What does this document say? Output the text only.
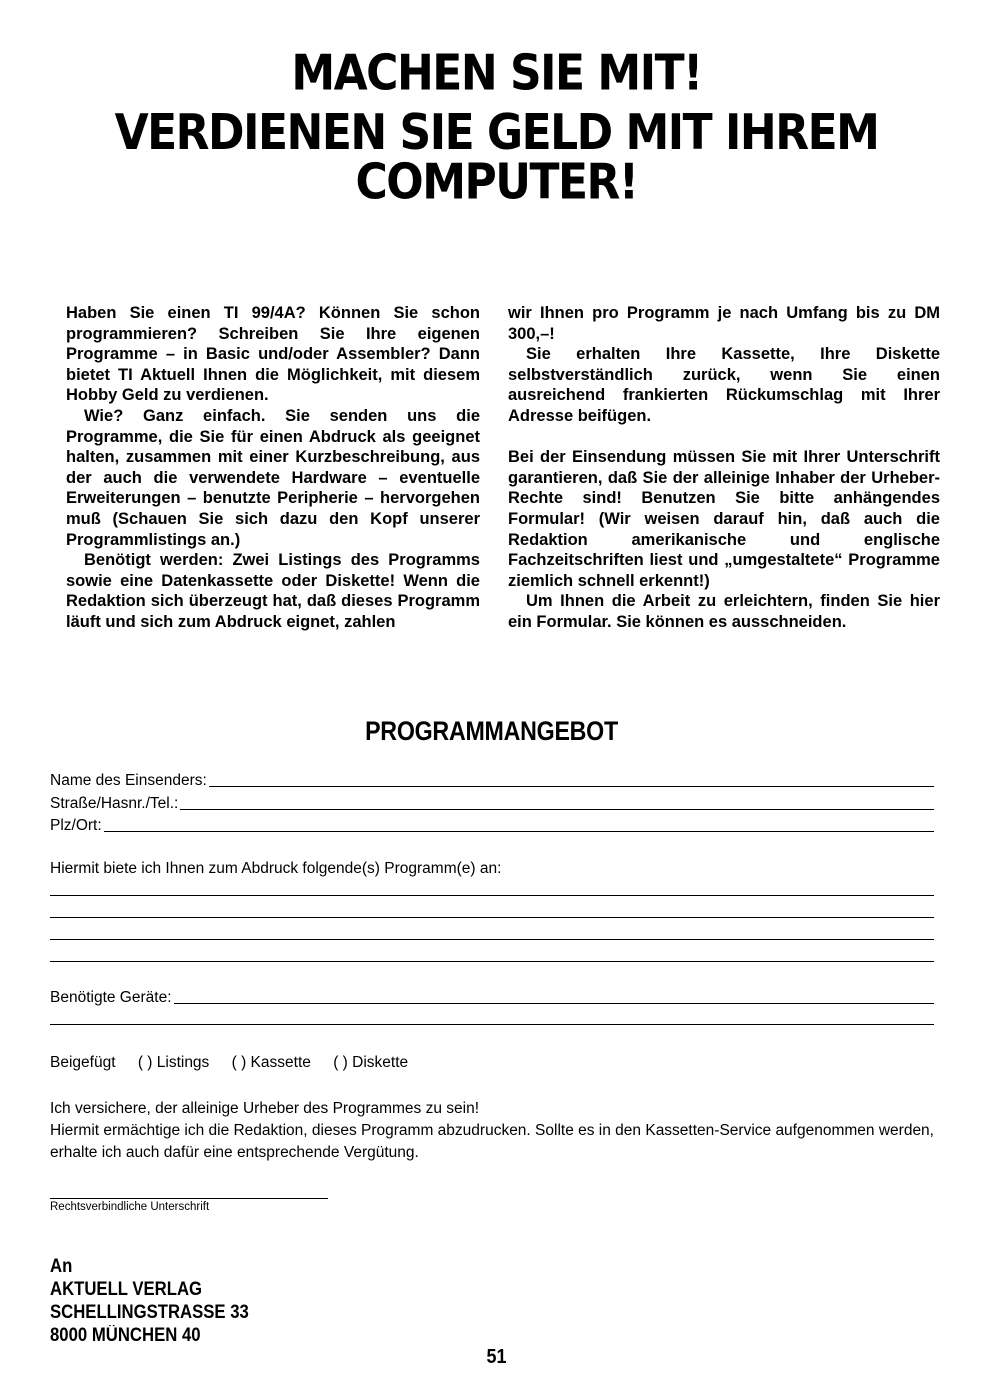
MACHEN SIE MIT!
VERDIENEN SIE GELD MIT IHREM COMPUTER!

Haben Sie einen TI 99/4A? Können Sie schon programmieren? Schreiben Sie Ihre eigenen Programme – in Basic und/oder Assembler? Dann bietet TI Aktuell Ihnen die Möglichkeit, mit diesem Hobby Geld zu verdienen.

Wie? Ganz einfach. Sie senden uns die Programme, die Sie für einen Abdruck als geeignet halten, zusammen mit einer Kurzbeschreibung, aus der auch die verwendete Hardware – eventuelle Erweiterungen – benutzte Peripherie – hervorgehen muß (Schauen Sie sich dazu den Kopf unserer Programmlistings an.)

Benötigt werden: Zwei Listings des Programms sowie eine Datenkassette oder Diskette! Wenn die Redaktion sich überzeugt hat, daß dieses Programm läuft und sich zum Abdruck eignet, zahlen

wir Ihnen pro Programm je nach Umfang bis zu DM 300,–!

Sie erhalten Ihre Kassette, Ihre Diskette selbstverständlich zurück, wenn Sie einen ausreichend frankierten Rückumschlag mit Ihrer Adresse beifügen.

Bei der Einsendung müssen Sie mit Ihrer Unterschrift garantieren, daß Sie der alleinige Inhaber der Urheber-Rechte sind! Benutzen Sie bitte anhängendes Formular! (Wir weisen darauf hin, daß auch die Redaktion amerikanische und englische Fachzeitschriften liest und „umgestaltete“ Programme ziemlich schnell erkennt!)

Um Ihnen die Arbeit zu erleichtern, finden Sie hier ein Formular. Sie können es ausschneiden.

PROGRAMMANGEBOT
Name des Einsenders:
Straße/Hasnr./Tel.:
Plz/Ort:
Hiermit biete ich Ihnen zum Abdruck folgende(s) Programm(e) an:
Benötigte Geräte:
Beigefügt ( ) Listings ( ) Kassette ( ) Diskette

Ich versichere, der alleinige Urheber des Programmes zu sein!

Hiermit ermächtige ich die Redaktion, dieses Programm abzudrucken. Sollte es in den Kassetten-Service aufgenommen werden, erhalte ich auch dafür eine entsprechende Vergütung.

Rechtsverbindliche Unterschrift
An
AKTUELL VERLAG
SCHELLINGSTRASSE 33
8000 MÜNCHEN 40
51
